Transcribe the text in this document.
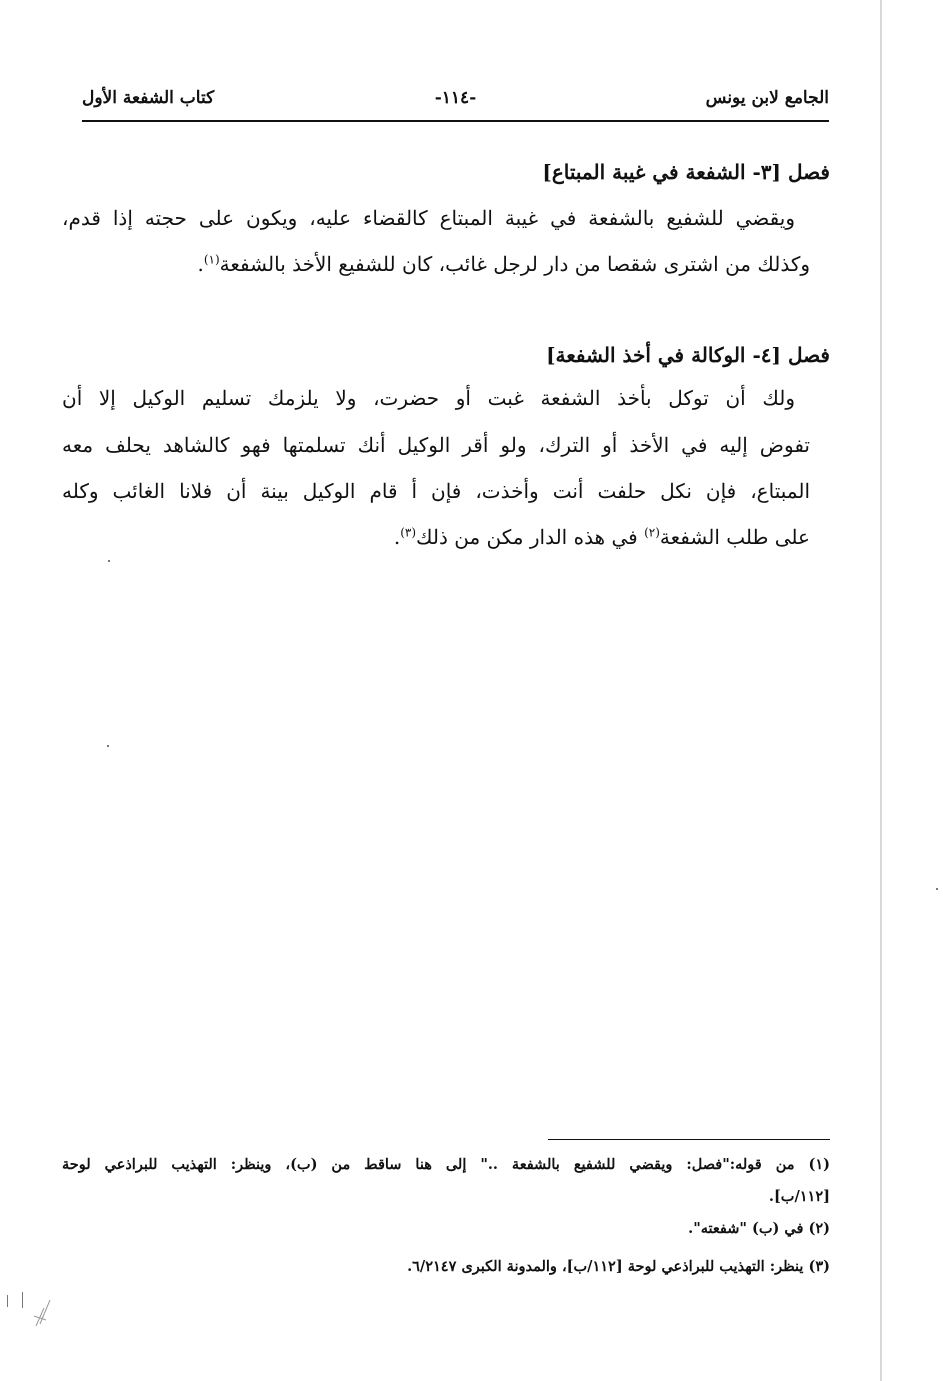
الجامع لابن يونس
-١١٤-
كتاب الشفعة الأول
فصل [٣- الشفعة في غيبة المبتاع]
ويقضي للشفيع بالشفعة في غيبة المبتاع كالقضاء عليه، ويكون على حجته إذا قدم،
وكذلك من اشترى شقصا من دار لرجل غائب، كان للشفيع الأخذ بالشفعة$^{(١)}$.
فصل [٤- الوكالة في أخذ الشفعة]
ولك أن توكل بأخذ الشفعة غبت أو حضرت، ولا يلزمك تسليم الوكيل إلا أن
تفوض إليه في الأخذ أو الترك، ولو أقر الوكيل أنك تسلمتها فهو كالشاهد يحلف معه
المبتاع، فإن نكل حلفت أنت وأخذت، فإن أ قام الوكيل بينة أن فلانا الغائب وكله
على طلب الشفعة$^{(٢)}$ في هذه الدار مكن من ذلك$^{(٣)}$.
(١) من قوله:"فصل: ويقضي للشفيع بالشفعة .." إلى هنا ساقط من (ب)، وينظر: التهذيب للبراذعي لوحة
[١١٢/ب].
(٢) في (ب) "شفعته".
(٣) ينظر: التهذيب للبراذعي لوحة [١١٢/ب]، والمدونة الكبرى ٦/٢١٤٧.
